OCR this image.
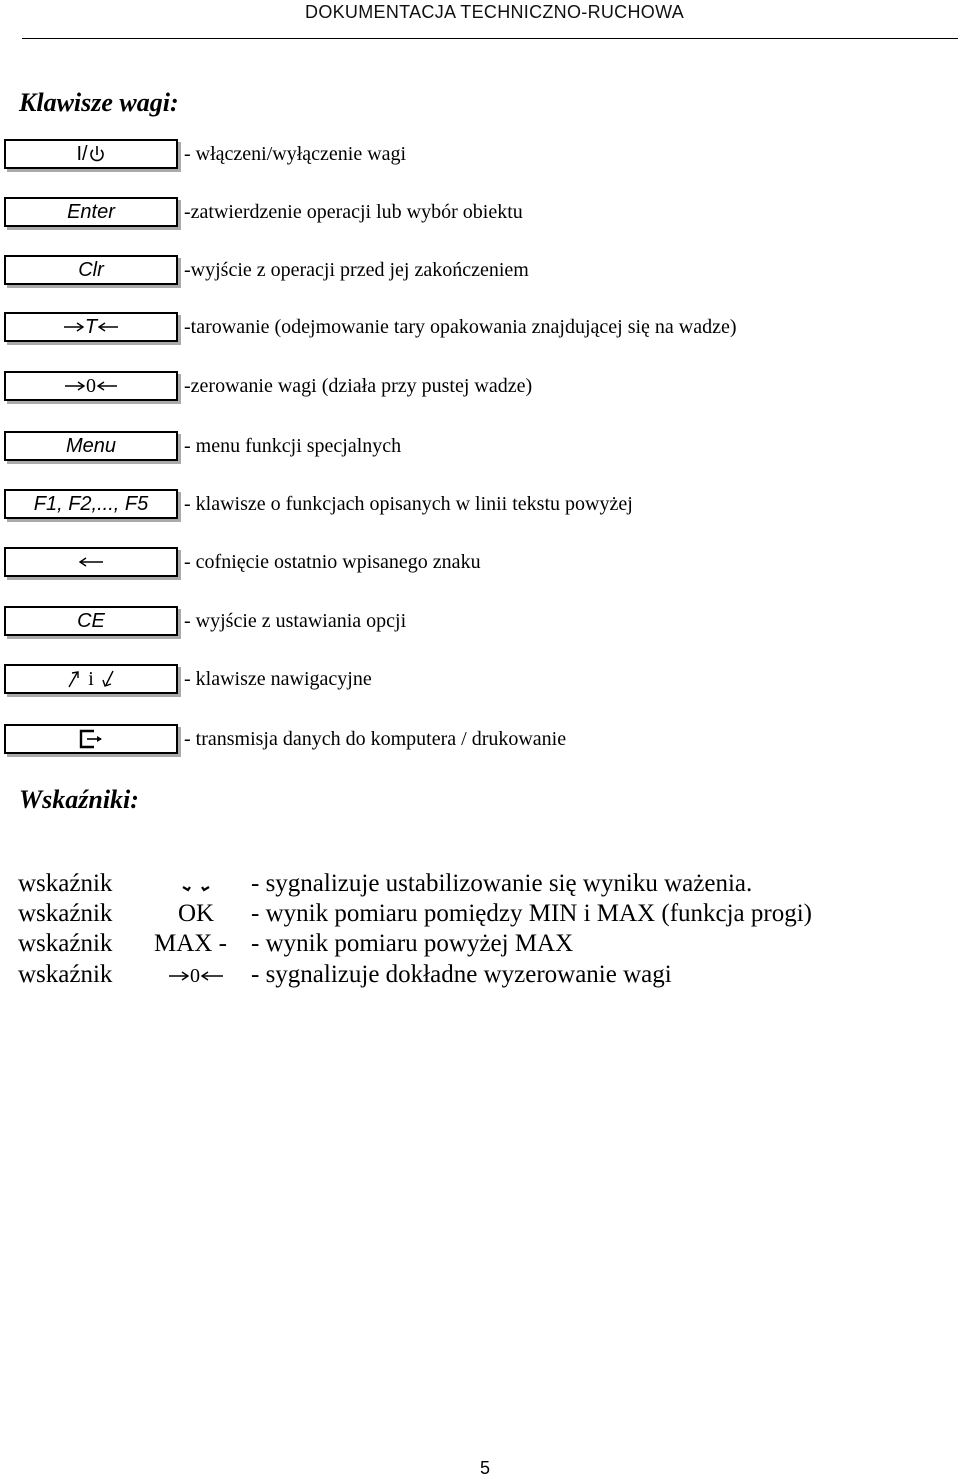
DOKUMENTACJA TECHNICZNO-RUCHOWA
Klawisze wagi:
I/	- włączeni/wyłączenie wagi
Enter	-zatwierdzenie operacji lub wybór obiektu
Clr	-wyjście z operacji przed jej zakończeniem
T	-tarowanie (odejmowanie tary opakowania znajdującej się na wadze)
0	-zerowanie wagi (działa przy pustej wadze)
Menu	- menu funkcji specjalnych
F1, F2,..., F5 - klawisze o funkcjach opisanych w linii tekstu powyżej
- cofnięcie ostatnio wpisanego znaku
CE	- wyjście z ustawiania opcji
i	- klawisze nawigacyjne
- transmisja danych do komputera / drukowanie
Wskaźniki:
wskaźnik	- sygnalizuje ustabilizowanie się wyniku ważenia.
wskaźnik	OK	- wynik pomiaru pomiędzy MIN i MAX (funkcja progi)
wskaźnik MAX - - wynik pomiaru powyżej MAX
wskaźnik	0	- sygnalizuje dokładne wyzerowanie wagi
5
